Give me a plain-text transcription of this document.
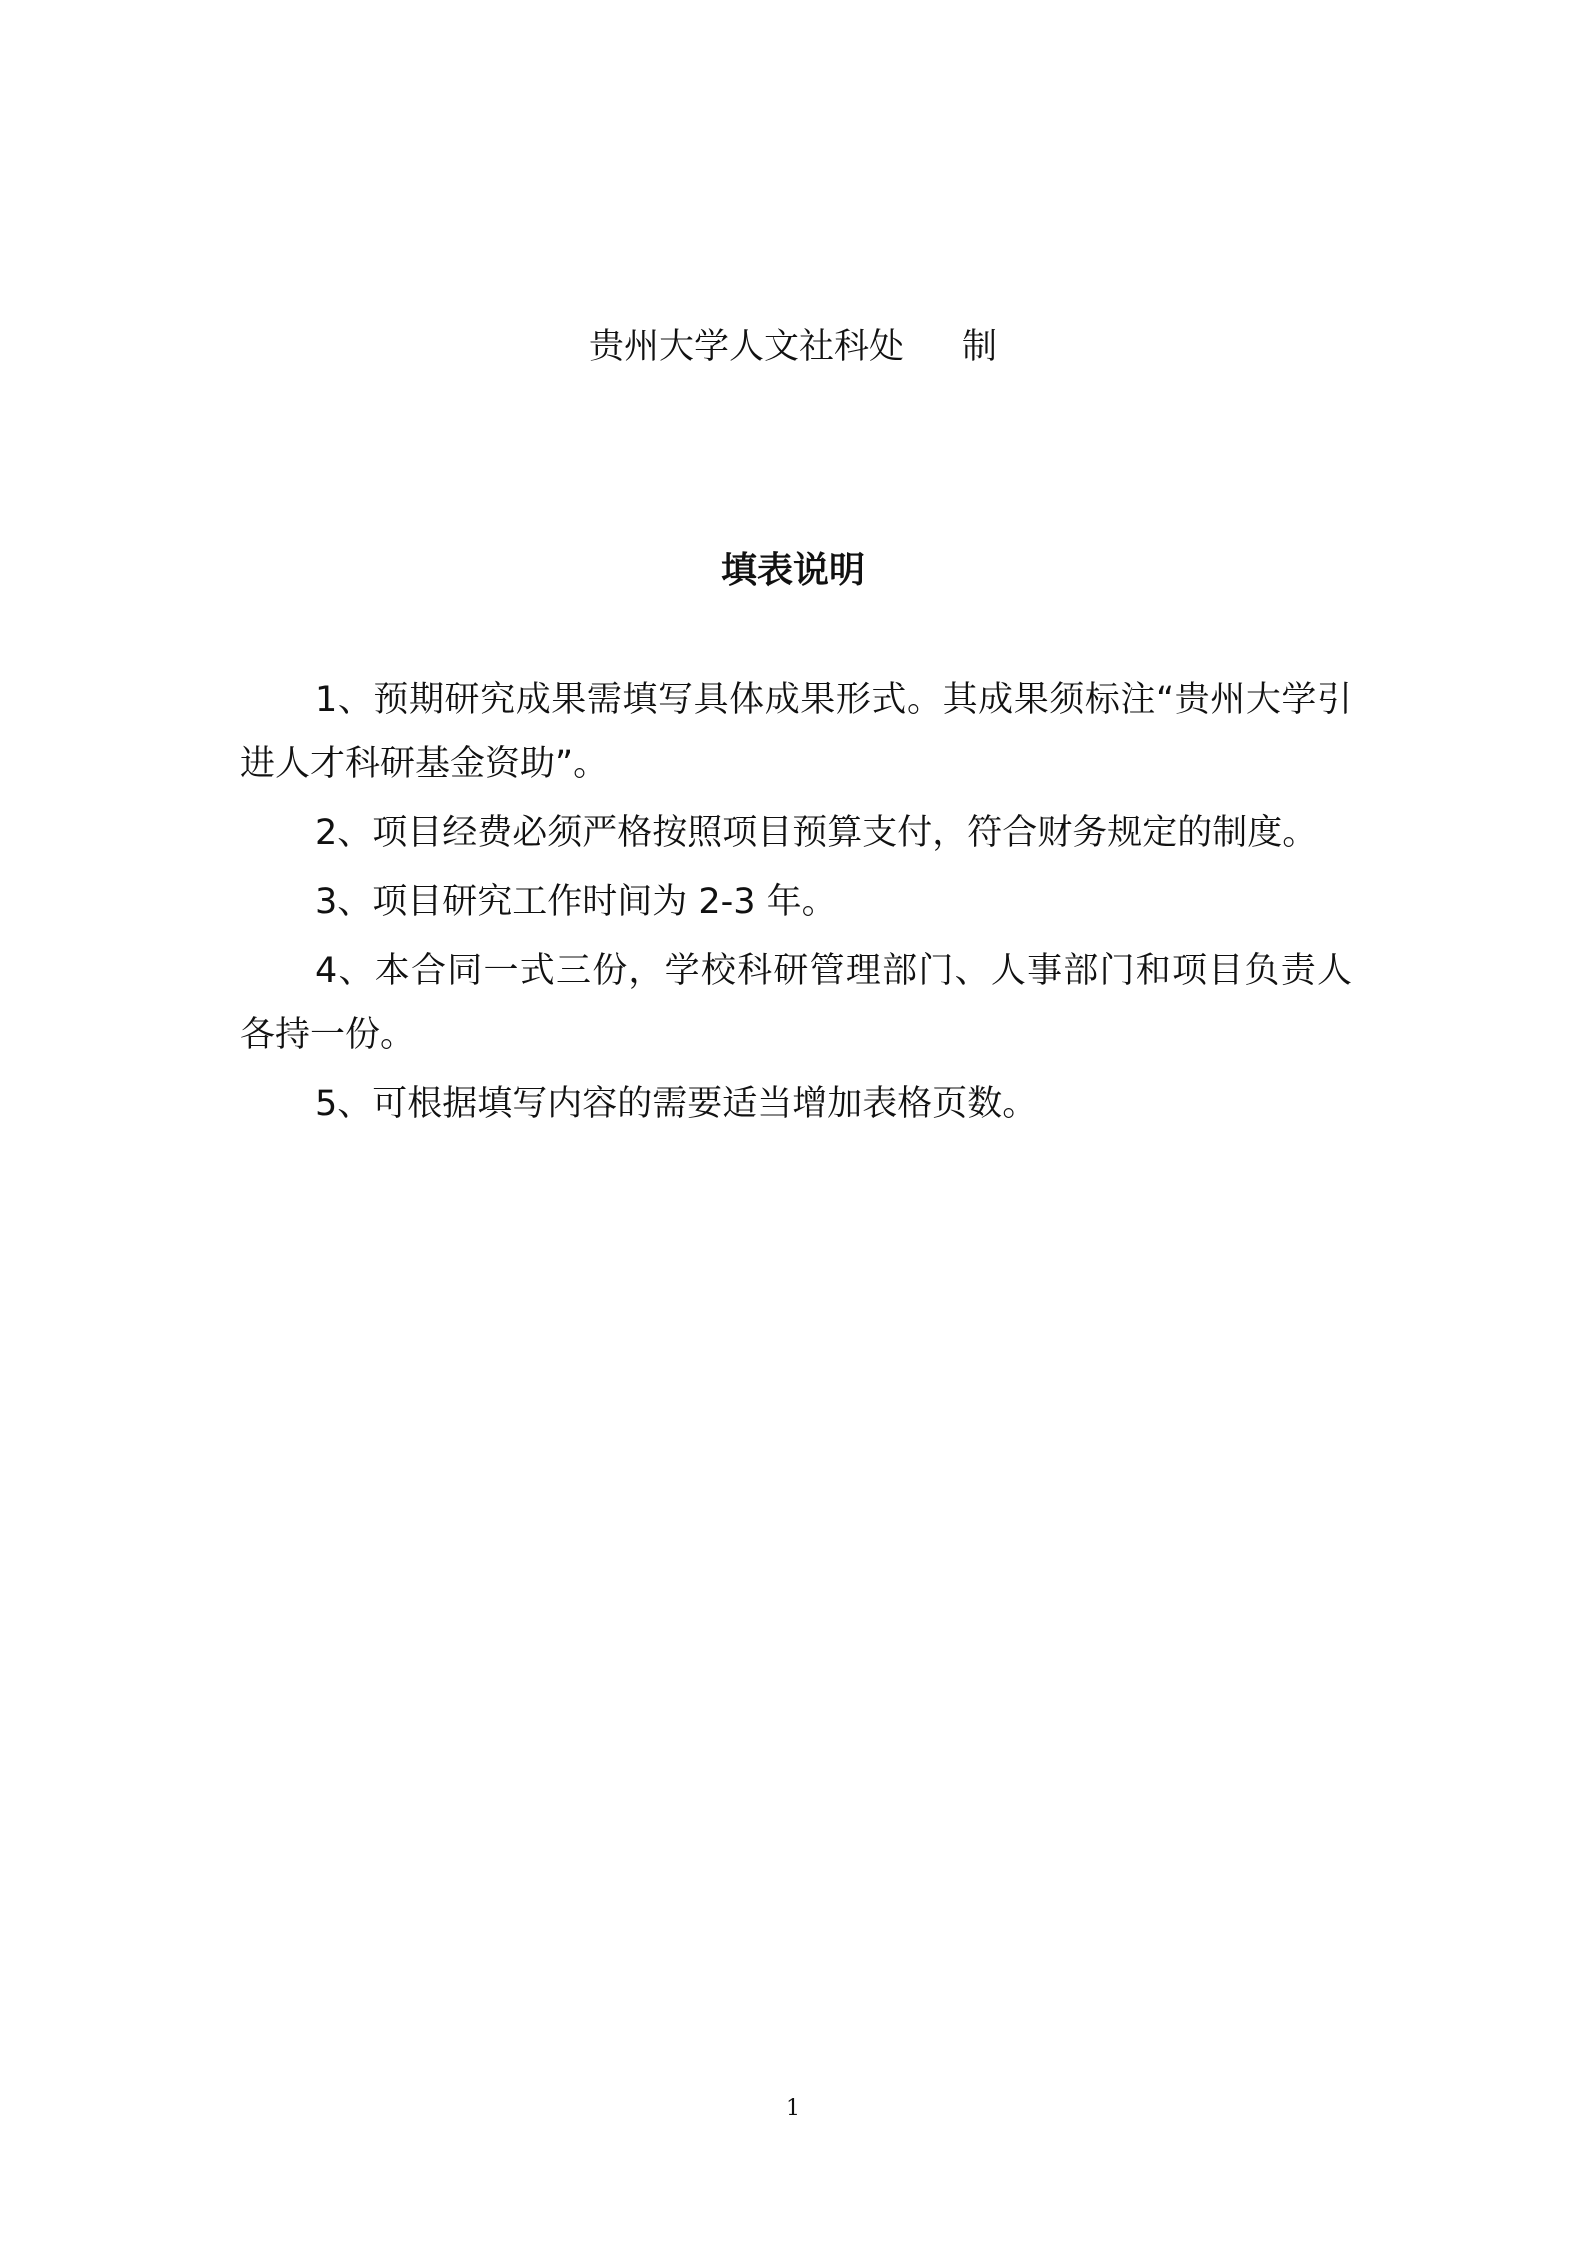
贵州大学人文社科处 制
填表说明
1、预期研究成果需填写具体成果形式。其成果须标注“贵州大学引进人才科研基金资助”。
2、项目经费必须严格按照项目预算支付，符合财务规定的制度。
3、项目研究工作时间为 2-3 年。
4、本合同一式三份，学校科研管理部门、人事部门和项目负责人各持一份。
5、可根据填写内容的需要适当增加表格页数。
1
